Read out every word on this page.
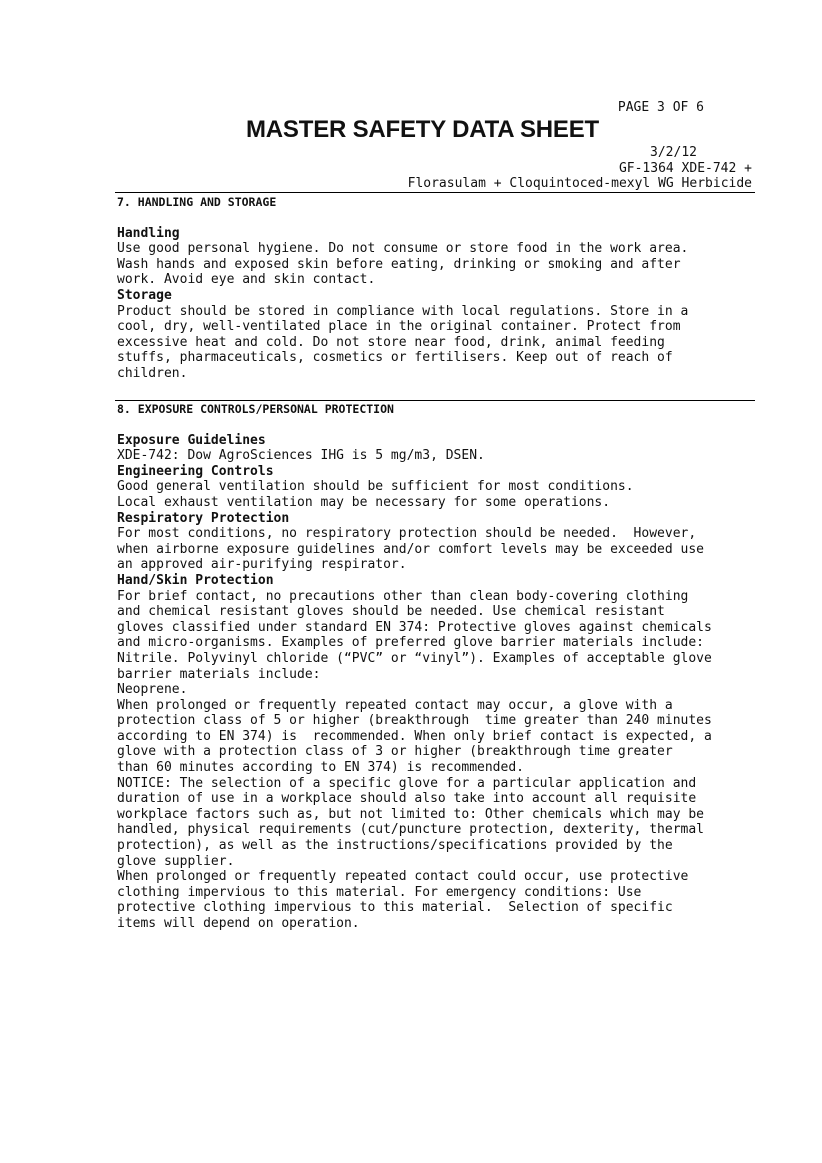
PAGE 3 OF 6
MASTER SAFETY DATA SHEET
3/2/12
GF-1364 XDE-742 +
Florasulam + Cloquintoced-mexyl WG Herbicide
7. HANDLING AND STORAGE
Handling
Use good personal hygiene. Do not consume or store food in the work area.
Wash hands and exposed skin before eating, drinking or smoking and after
work. Avoid eye and skin contact.
Storage
Product should be stored in compliance with local regulations. Store in a
cool, dry, well-ventilated place in the original container. Protect from
excessive heat and cold. Do not store near food, drink, animal feeding
stuffs, pharmaceuticals, cosmetics or fertilisers. Keep out of reach of
children.
8. EXPOSURE CONTROLS/PERSONAL PROTECTION
Exposure Guidelines
XDE-742: Dow AgroSciences IHG is 5 mg/m3, DSEN.
Engineering Controls
Good general ventilation should be sufficient for most conditions.
Local exhaust ventilation may be necessary for some operations.
Respiratory Protection
For most conditions, no respiratory protection should be needed.  However,
when airborne exposure guidelines and/or comfort levels may be exceeded use
an approved air-purifying respirator.
Hand/Skin Protection
For brief contact, no precautions other than clean body-covering clothing
and chemical resistant gloves should be needed. Use chemical resistant
gloves classified under standard EN 374: Protective gloves against chemicals
and micro-organisms. Examples of preferred glove barrier materials include:
Nitrile. Polyvinyl chloride (“PVC” or “vinyl”). Examples of acceptable glove
barrier materials include:
Neoprene.
When prolonged or frequently repeated contact may occur, a glove with a
protection class of 5 or higher (breakthrough  time greater than 240 minutes
according to EN 374) is  recommended. When only brief contact is expected, a
glove with a protection class of 3 or higher (breakthrough time greater
than 60 minutes according to EN 374) is recommended.
NOTICE: The selection of a specific glove for a particular application and
duration of use in a workplace should also take into account all requisite
workplace factors such as, but not limited to: Other chemicals which may be
handled, physical requirements (cut/puncture protection, dexterity, thermal
protection), as well as the instructions/specifications provided by the
glove supplier.
When prolonged or frequently repeated contact could occur, use protective
clothing impervious to this material. For emergency conditions: Use
protective clothing impervious to this material.  Selection of specific
items will depend on operation.
